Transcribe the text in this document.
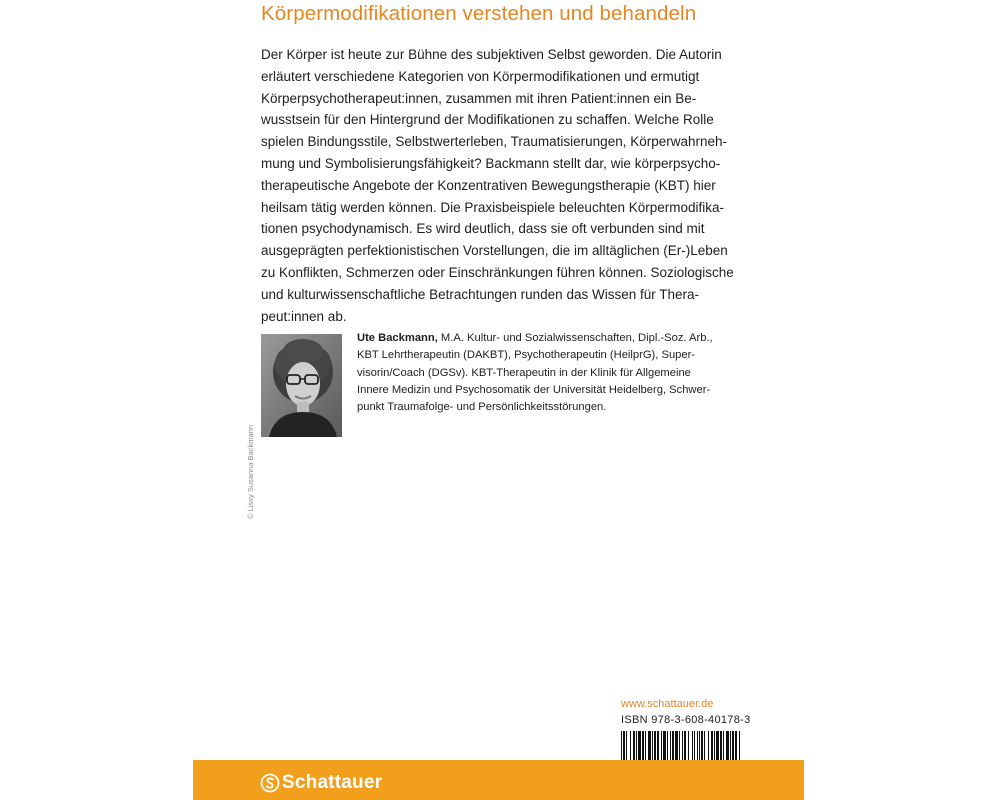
Körpermodifikationen verstehen und behandeln

Der Körper ist heute zur Bühne des subjektiven Selbst geworden. Die Autorin

erläutert verschiedene Kategorien von Körpermodifikationen und ermutigt

Körperpsychotherapeut:innen, zusammen mit ihren Patient:innen ein Be-

wusstsein für den Hintergrund der Modifikationen zu schaffen. Welche Rolle

spielen Bindungsstile, Selbstwerterleben, Traumatisierungen, Körperwahrneh-

mung und Symbolisierungsfähigkeit? Backmann stellt dar, wie körperpsycho-

therapeutische Angebote der Konzentrativen Bewegungstherapie (KBT) hier

heilsam tätig werden können. Die Praxisbeispiele beleuchten Körpermodifika-

tionen psychodynamisch. Es wird deutlich, dass sie oft verbunden sind mit

ausgeprägten perfektionistischen Vorstellungen, die im alltäglichen (Er-)Leben

zu Konflikten, Schmerzen oder Einschränkungen führen können. Soziologische

und kulturwissenschaftliche Betrachtungen runden das Wissen für Thera-

peut:innen ab.

© Lissy Susanna Backmann

Ute Backmann, M.A. Kultur- und Sozialwissenschaften, Dipl.-Soz. Arb.,

KBT Lehrtherapeutin (DAKBT), Psychotherapeutin (HeilprG), Super-

visorin/Coach (DGSv). KBT-Therapeutin in der Klinik für Allgemeine

Innere Medizin und Psychosomatik der Universität Heidelberg, Schwer-

punkt Traumafolge- und Persönlichkeitsstörungen.

www.schattauer.de
ISBN 978-3-608-40178-3
Schattauer
